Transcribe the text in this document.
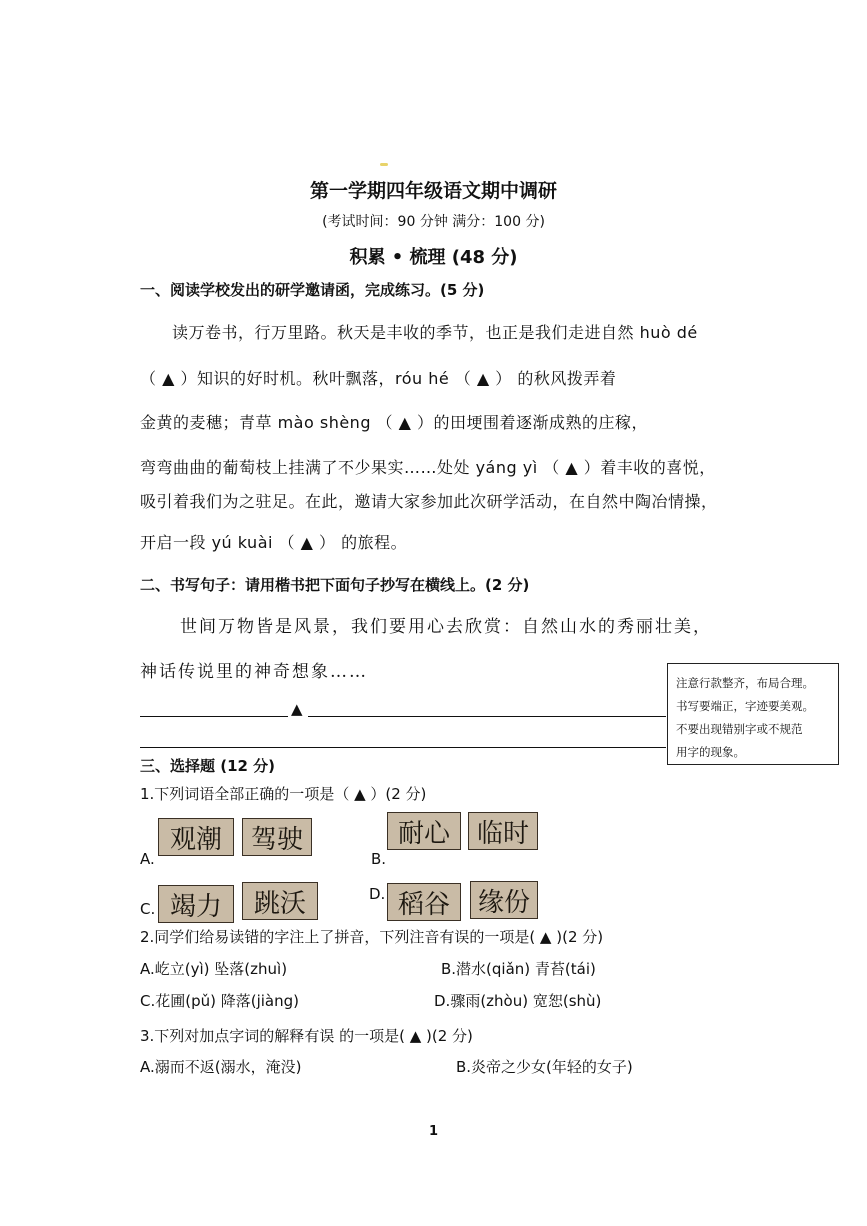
第一学期四年级语文期中调研
(考试时间：90 分钟 满分：100 分)
积累 • 梳理 (48 分)
一、阅读学校发出的研学邀请函，完成练习。(5 分)
读万卷书，行万里路。秋天是丰收的季节，也正是我们走进自然 huò dé
（ ▲ ）知识的好时机。秋叶飘落，róu hé （ ▲ ） 的秋风拨弄着
金黄的麦穗；青草 mào shèng （ ▲ ）的田埂围着逐渐成熟的庄稼，
弯弯曲曲的葡萄枝上挂满了不少果实……处处 yáng yì （ ▲ ）着丰收的喜悦，
吸引着我们为之驻足。在此，邀请大家参加此次研学活动，在自然中陶冶情操，
开启一段 yú kuài （ ▲ ） 的旅程。
二、书写句子：请用楷书把下面句子抄写在横线上。(2 分)
世间万物皆是风景，我们要用心去欣赏：自然山水的秀丽壮美，
神话传说里的神奇想象……
▲
注意行款整齐，布局合理。
书写要端正，字迹要美观。
不要出现错别字或不规范
用字的现象。
三、选择题 (12 分)
1.下列词语全部正确的一项是（ ▲ ）(2 分)
A.
观潮 驾驶
B.
耐心 临时
C. 竭力 跳沃	D. 稻谷 缘份
2.同学们给易读错的字注上了拼音，下列注音有误的一项是( ▲ )(2 分)
A.屹立(yì) 坠落(zhuì)	B.潜水(qiǎn) 青苔(tái)
C.花圃(pǔ) 降落(jiàng)	D.骤雨(zhòu) 宽恕(shù)
3.下列对加点字词的解释有误 的一项是( ▲ )(2 分)
A.溺而不返(溺水，淹没)	B.炎帝之少女(年轻的女子)
1
